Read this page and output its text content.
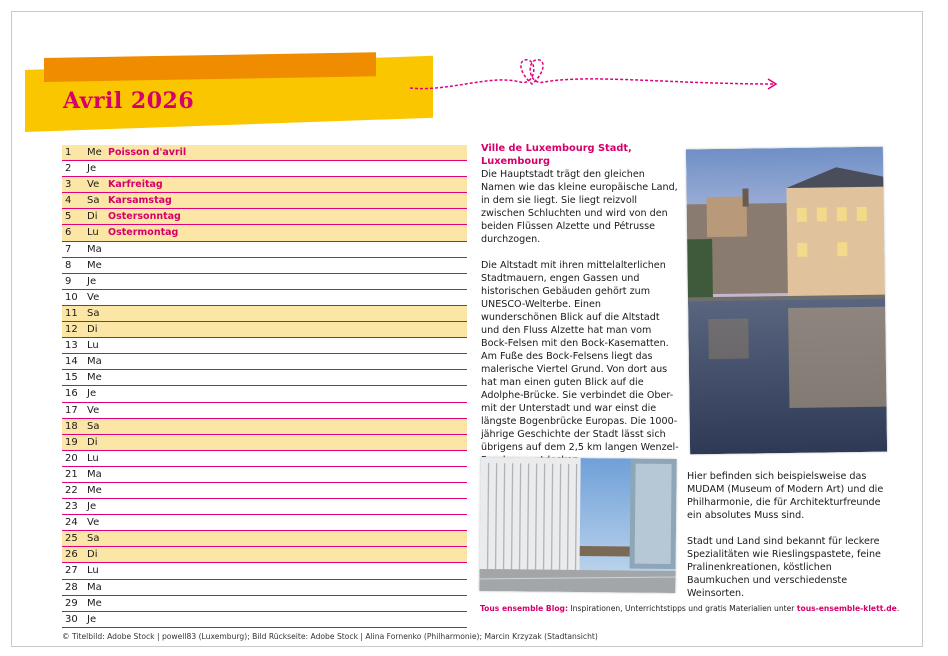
Avril 2026
1	Me Poisson d'avril
2	Je
3	Ve Karfreitag
4	Sa Karsamstag
5	Di	Ostersonntag
6	Lu Ostermontag
7	Ma
8	Me
9	Je
10 Ve
11 Sa
12 Di
13 Lu
14 Ma
15 Me
16 Je
17 Ve
18 Sa
19 Di
20 Lu
21 Ma
22 Me
23 Je
24 Ve
25 Sa
26 Di
27 Lu
28 Ma
29 Me
30 Je
Ville de Luxembourg Stadt, Luxembourg

Die Hauptstadt trägt den gleichen Namen wie das kleine europäische Land, in dem sie liegt. Sie liegt reizvoll zwischen Schluchten und wird von den beiden Flüssen Alzette und Pétrusse durchzogen.

Die Altstadt mit ihren mittelalterlichen Stadtmauern, engen Gassen und historischen Gebäuden gehört zum UNESCO-Welterbe. Einen wunderschönen Blick auf die Altstadt und den Fluss Alzette hat man vom Bock-Felsen mit den Bock-Kasematten. Am Fuße des Bock-Felsens liegt das malerische Viertel Grund. Von dort aus hat man einen guten Blick auf die Adolphe-Brücke. Sie verbindet die Ober- mit der Unterstadt und war einst die längste Bogenbrücke Europas. Die 1000-jährige Geschichte der Stadt lässt sich übrigens auf dem 2,5 km langen Wenzel-

Hier befinden sich beispielsweise das MUDAM (Museum of Modern Art) und die Philharmonie, die für Architekturfreunde ein absolutes Muss sind.

Stadt und Land sind bekannt für leckere Spezialitäten wie Rieslingspastete, feine Pralinenkreationen, köstlichen Baumkuchen und verschiedenste Weinsorten.

Tous ensemble Blog: Inspirationen, Unterrichtstipps und gratis Materialien unter tous-ensemble-klett.de.
© Titelbild: Adobe Stock | powell83 (Luxemburg); Bild Rückseite: Adobe Stock | Alina Fornenko (Philharmonie); Marcin Krzyzak (Stadtansicht)
